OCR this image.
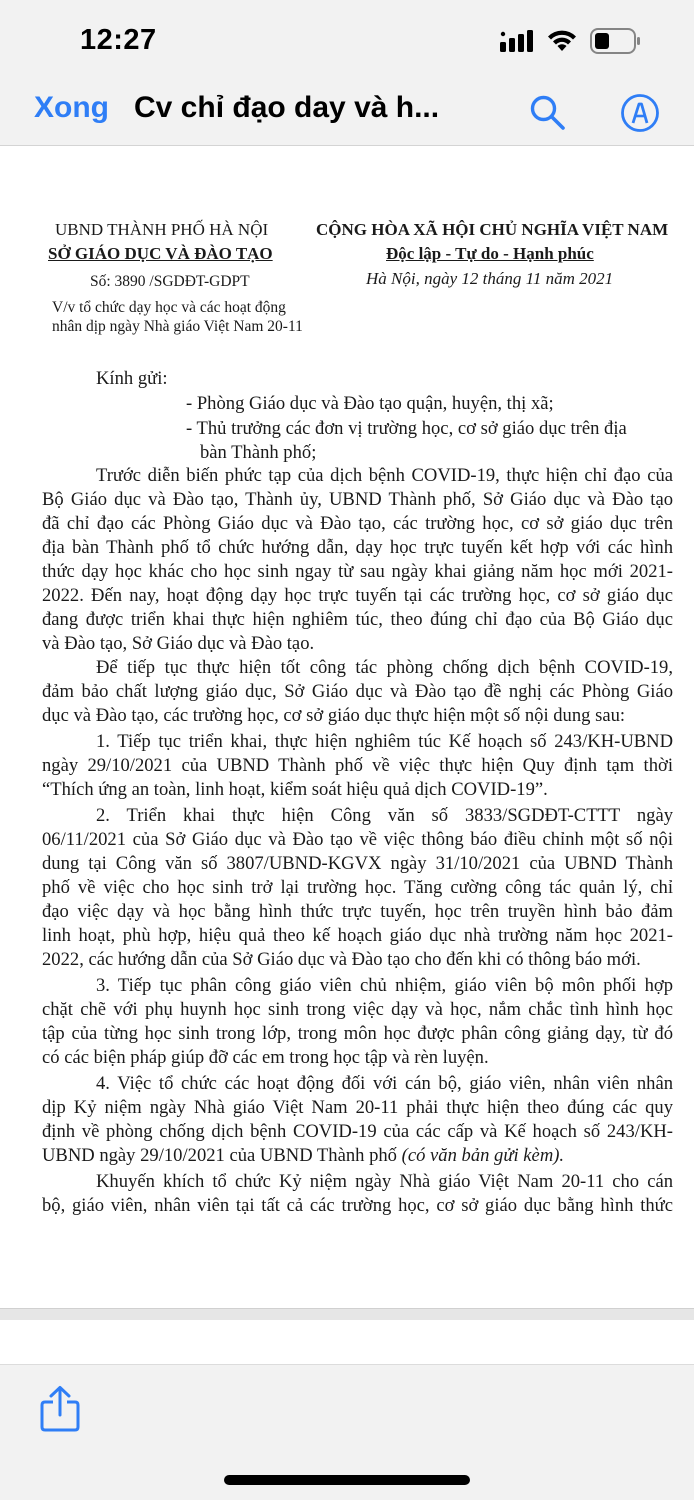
12:27
Xong Cv chỉ đạo day và h...
UBND THÀNH PHỐ HÀ NỘI
SỞ GIÁO DỤC VÀ ĐÀO TẠO
Số: 3890 /SGDĐT-GDPT
V/v tổ chức dạy học và các hoạt động
nhân dịp ngày Nhà giáo Việt Nam 20-11
CỘNG HÒA XÃ HỘI CHỦ NGHĨA VIỆT NAM
Độc lập - Tự do - Hạnh phúc
Hà Nội, ngày 12 tháng 11 năm 2021
Kính gửi:
- Phòng Giáo dục và Đào tạo quận, huyện, thị xã;
- Thủ trưởng các đơn vị trường học, cơ sở giáo dục trên địa
bàn Thành phố;
Trước diễn biến phức tạp của dịch bệnh COVID-19, thực hiện chỉ đạo của
Bộ Giáo dục và Đào tạo, Thành ủy, UBND Thành phố, Sở Giáo dục và Đào tạo
đã chỉ đạo các Phòng Giáo dục và Đào tạo, các trường học, cơ sở giáo dục trên
địa bàn Thành phố tổ chức hướng dẫn, dạy học trực tuyến kết hợp với các hình
thức dạy học khác cho học sinh ngay từ sau ngày khai giảng năm học mới 2021-
2022. Đến nay, hoạt động dạy học trực tuyến tại các trường học, cơ sở giáo dục
đang được triển khai thực hiện nghiêm túc, theo đúng chỉ đạo của Bộ Giáo dục
và Đào tạo, Sở Giáo dục và Đào tạo.
Để tiếp tục thực hiện tốt công tác phòng chống dịch bệnh COVID-19,
đảm bảo chất lượng giáo dục, Sở Giáo dục và Đào tạo đề nghị các Phòng Giáo
dục và Đào tạo, các trường học, cơ sở giáo dục thực hiện một số nội dung sau:
1. Tiếp tục triển khai, thực hiện nghiêm túc Kế hoạch số 243/KH-UBND
ngày 29/10/2021 của UBND Thành phố về việc thực hiện Quy định tạm thời
“Thích ứng an toàn, linh hoạt, kiểm soát hiệu quả dịch COVID-19”.
2. Triển khai thực hiện Công văn số 3833/SGDĐT-CTTT ngày
06/11/2021 của Sở Giáo dục và Đào tạo về việc thông báo điều chỉnh một số nội
dung tại Công văn số 3807/UBND-KGVX ngày 31/10/2021 của UBND Thành
phố về việc cho học sinh trở lại trường học. Tăng cường công tác quản lý, chỉ
đạo việc dạy và học bằng hình thức trực tuyến, học trên truyền hình bảo đảm
linh hoạt, phù hợp, hiệu quả theo kế hoạch giáo dục nhà trường năm học 2021-
2022, các hướng dẫn của Sở Giáo dục và Đào tạo cho đến khi có thông báo mới.
3. Tiếp tục phân công giáo viên chủ nhiệm, giáo viên bộ môn phối hợp
chặt chẽ với phụ huynh học sinh trong việc dạy và học, nắm chắc tình hình học
tập của từng học sinh trong lớp, trong môn học được phân công giảng dạy, từ đó
có các biện pháp giúp đỡ các em trong học tập và rèn luyện.
4. Việc tổ chức các hoạt động đối với cán bộ, giáo viên, nhân viên nhân
dịp Kỷ niệm ngày Nhà giáo Việt Nam 20-11 phải thực hiện theo đúng các quy
định về phòng chống dịch bệnh COVID-19 của các cấp và Kế hoạch số 243/KH-
UBND ngày 29/10/2021 của UBND Thành phố (có văn bản gửi kèm).
Khuyến khích tổ chức Kỷ niệm ngày Nhà giáo Việt Nam 20-11 cho cán
bộ, giáo viên, nhân viên tại tất cả các trường học, cơ sở giáo dục bằng hình thức
